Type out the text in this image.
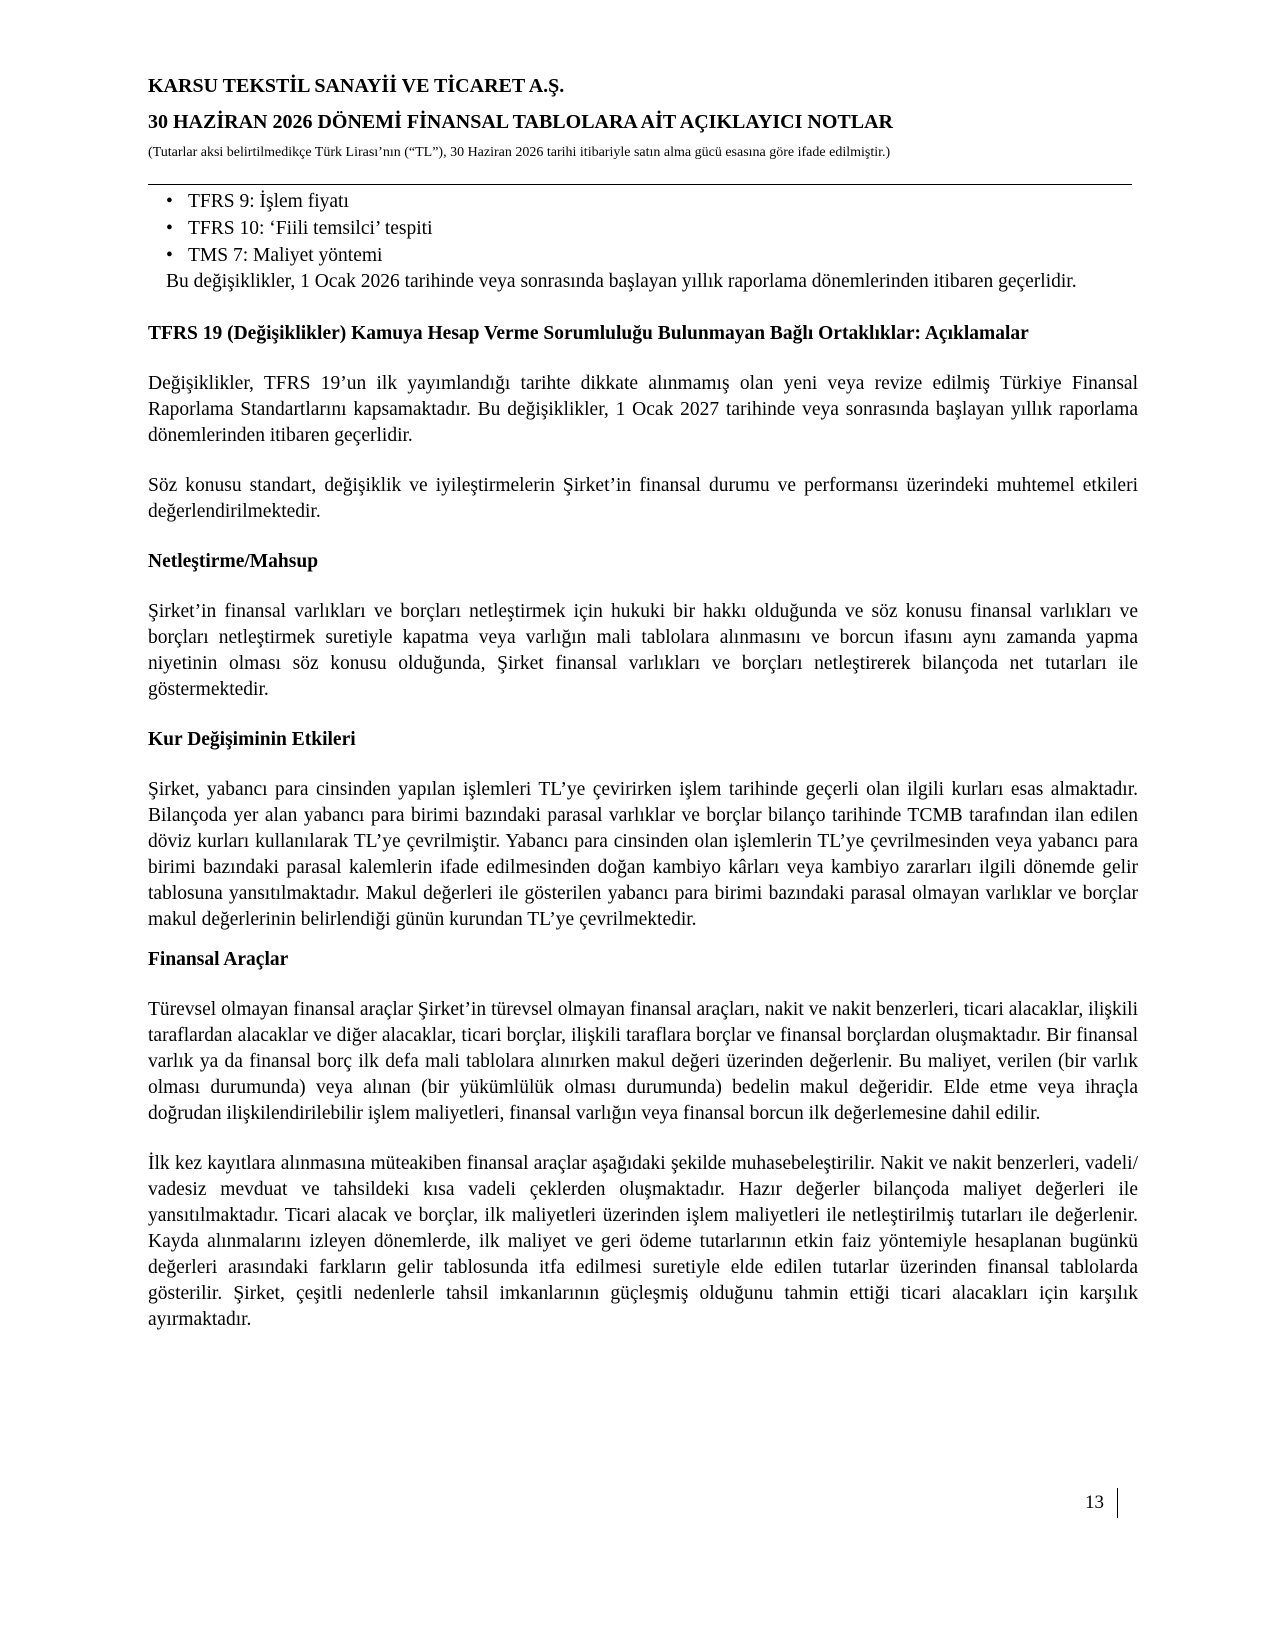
KARSU TEKSTİL SANAYİİ VE TİCARET A.Ş.

30 HAZİRAN 2026 DÖNEMİ FİNANSAL TABLOLARA AİT AÇIKLAYICI NOTLAR

(Tutarlar aksi belirtilmedikçe Türk Lirası’nın (“TL”), 30 Haziran 2026 tarihi itibariyle satın alma gücü esasına göre ifade edilmiştir.)

• TFRS 9: İşlem fiyatı
• TFRS 10: ‘Fiili temsilci’ tespiti
• TMS 7: Maliyet yöntemi

Bu değişiklikler, 1 Ocak 2026 tarihinde veya sonrasında başlayan yıllık raporlama dönemlerinden itibaren geçerlidir.

TFRS 19 (Değişiklikler) Kamuya Hesap Verme Sorumluluğu Bulunmayan Bağlı Ortaklıklar: Açıklamalar

Değişiklikler, TFRS 19’un ilk yayımlandığı tarihte dikkate alınmamış olan yeni veya revize edilmiş Türkiye Finansal Raporlama Standartlarını kapsamaktadır. Bu değişiklikler, 1 Ocak 2027 tarihinde veya sonrasında başlayan yıllık raporlama dönemlerinden itibaren geçerlidir.

Söz konusu standart, değişiklik ve iyileştirmelerin Şirket’in finansal durumu ve performansı üzerindeki muhtemel etkileri değerlendirilmektedir.

Netleştirme/Mahsup

Şirket’in finansal varlıkları ve borçları netleştirmek için hukuki bir hakkı olduğunda ve söz konusu finansal varlıkları ve borçları netleştirmek suretiyle kapatma veya varlığın mali tablolara alınmasını ve borcun ifasını aynı zamanda yapma niyetinin olması söz konusu olduğunda, Şirket finansal varlıkları ve borçları netleştirerek bilançoda net tutarları ile göstermektedir.

Kur Değişiminin Etkileri

Şirket, yabancı para cinsinden yapılan işlemleri TL’ye çevirirken işlem tarihinde geçerli olan ilgili kurları esas almaktadır. Bilançoda yer alan yabancı para birimi bazındaki parasal varlıklar ve borçlar bilanço tarihinde TCMB tarafından ilan edilen döviz kurları kullanılarak TL’ye çevrilmiştir. Yabancı para cinsinden olan işlemlerin TL’ye çevrilmesinden veya yabancı para birimi bazındaki parasal kalemlerin ifade edilmesinden doğan kambiyo kârları veya kambiyo zararları ilgili dönemde gelir tablosuna yansıtılmaktadır. Makul değerleri ile gösterilen yabancı para birimi bazındaki parasal olmayan varlıklar ve borçlar makul değerlerinin belirlendiği günün kurundan TL’ye çevrilmektedir.

Finansal Araçlar

Türevsel olmayan finansal araçlar Şirket’in türevsel olmayan finansal araçları, nakit ve nakit benzerleri, ticari alacaklar, ilişkili taraflardan alacaklar ve diğer alacaklar, ticari borçlar, ilişkili taraflara borçlar ve finansal borçlardan oluşmaktadır. Bir finansal varlık ya da finansal borç ilk defa mali tablolara alınırken makul değeri üzerinden değerlenir. Bu maliyet, verilen (bir varlık olması durumunda) veya alınan (bir yükümlülük olması durumunda) bedelin makul değeridir. Elde etme veya ihraçla doğrudan ilişkilendirilebilir işlem maliyetleri, finansal varlığın veya finansal borcun ilk değerlemesine dahil edilir.

İlk kez kayıtlara alınmasına müteakiben finansal araçlar aşağıdaki şekilde muhasebeleştirilir. Nakit ve nakit benzerleri, vadeli/ vadesiz mevduat ve tahsildeki kısa vadeli çeklerden oluşmaktadır. Hazır değerler bilançoda maliyet değerleri ile yansıtılmaktadır. Ticari alacak ve borçlar, ilk maliyetleri üzerinden işlem maliyetleri ile netleştirilmiş tutarları ile değerlenir. Kayda alınmalarını izleyen dönemlerde, ilk maliyet ve geri ödeme tutarlarının etkin faiz yöntemiyle hesaplanan bugünkü değerleri arasındaki farkların gelir tablosunda itfa edilmesi suretiyle elde edilen tutarlar üzerinden finansal tablolarda gösterilir. Şirket, çeşitli nedenlerle tahsil imkanlarının güçleşmiş olduğunu tahmin ettiği ticari alacakları için karşılık ayırmaktadır.

13
